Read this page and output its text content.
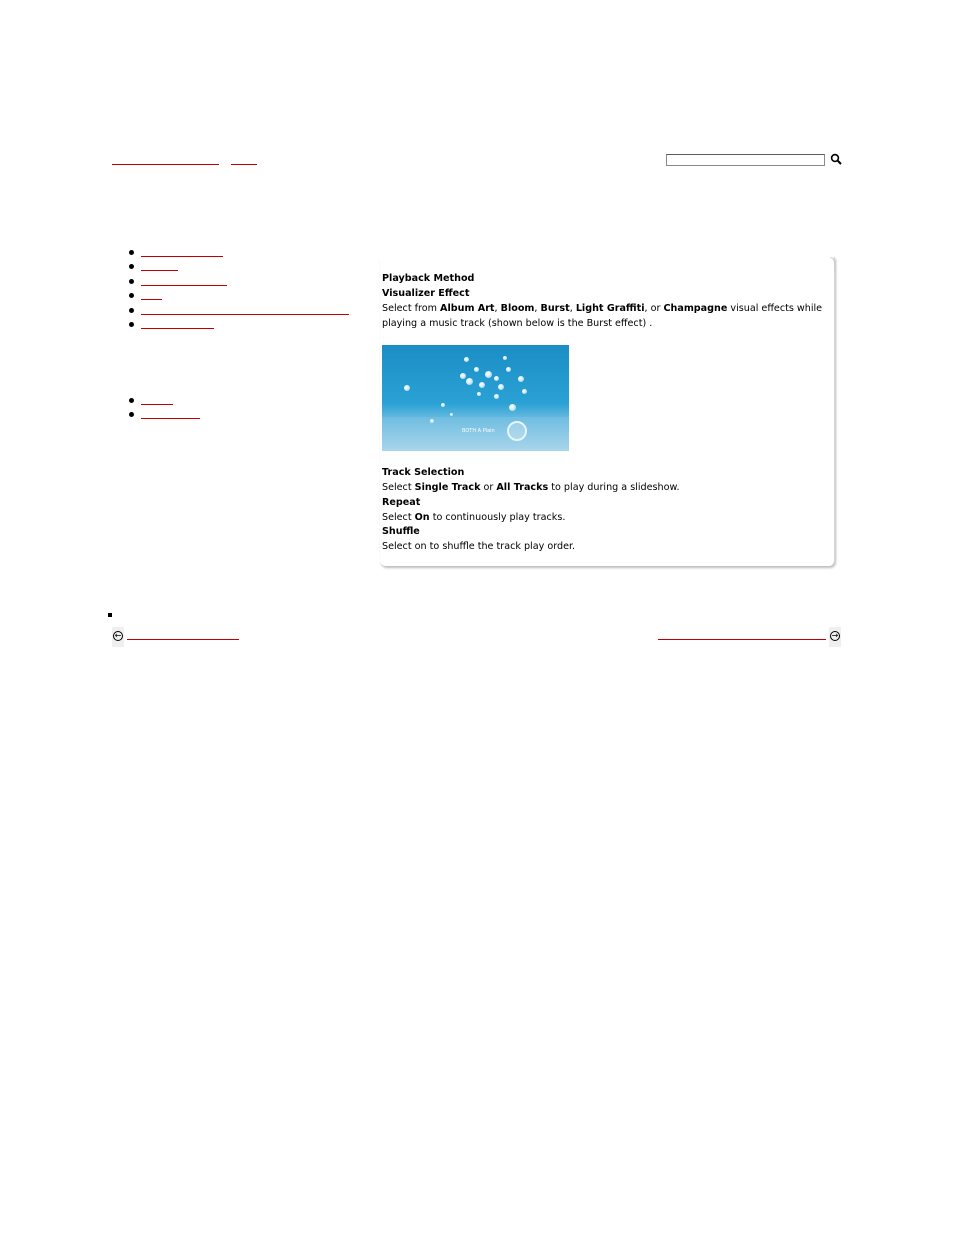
Playback Method
Visualizer Effect
Select from Album Art, Bloom, Burst, Light Graffiti, or Champagne visual effects while
playing a music track (shown below is the Burst effect) .
BOTH A Plain
Track Selection
Select Single Track or All Tracks to play during a slideshow.
Repeat
Select On to continuously play tracks.
Shuffle
Select on to shuffle the track play order.
←	→
